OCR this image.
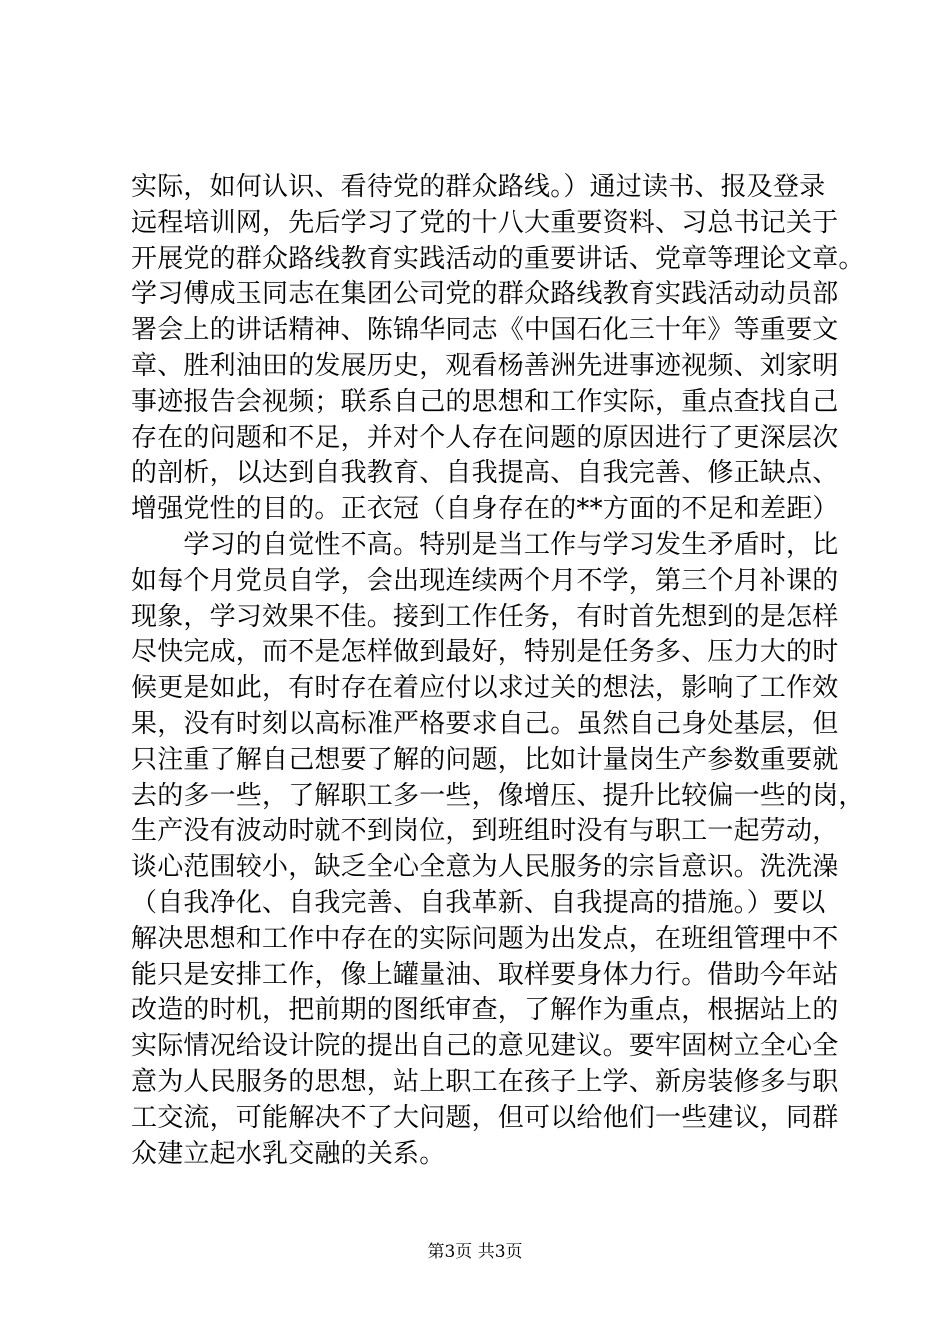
实际，如何认识、看待党的群众路线。）通过读书、报及登录
远程培训网，先后学习了党的十八大重要资料、习总书记关于
开展党的群众路线教育实践活动的重要讲话、党章等理论文章。
学习傅成玉同志在集团公司党的群众路线教育实践活动动员部
署会上的讲话精神、陈锦华同志《中国石化三十年》等重要文
章、胜利油田的发展历史，观看杨善洲先进事迹视频、刘家明
事迹报告会视频；联系自己的思想和工作实际，重点查找自己
存在的问题和不足，并对个人存在问题的原因进行了更深层次
的剖析，以达到自我教育、自我提高、自我完善、修正缺点、
增强党性的目的。正衣冠（自身存在的**方面的不足和差距）
　　学习的自觉性不高。特别是当工作与学习发生矛盾时，比
如每个月党员自学，会出现连续两个月不学，第三个月补课的
现象，学习效果不佳。接到工作任务，有时首先想到的是怎样
尽快完成，而不是怎样做到最好，特别是任务多、压力大的时
候更是如此，有时存在着应付以求过关的想法，影响了工作效
果，没有时刻以高标准严格要求自己。虽然自己身处基层，但
只注重了解自己想要了解的问题，比如计量岗生产参数重要就
去的多一些，了解职工多一些，像增压、提升比较偏一些的岗，
生产没有波动时就不到岗位，到班组时没有与职工一起劳动，
谈心范围较小，缺乏全心全意为人民服务的宗旨意识。洗洗澡
（自我净化、自我完善、自我革新、自我提高的措施。）要以
解决思想和工作中存在的实际问题为出发点，在班组管理中不
能只是安排工作，像上罐量油、取样要身体力行。借助今年站
改造的时机，把前期的图纸审查，了解作为重点，根据站上的
实际情况给设计院的提出自己的意见建议。要牢固树立全心全
意为人民服务的思想，站上职工在孩子上学、新房装修多与职
工交流，可能解决不了大问题，但可以给他们一些建议，同群
众建立起水乳交融的关系。
第3页 共3页
